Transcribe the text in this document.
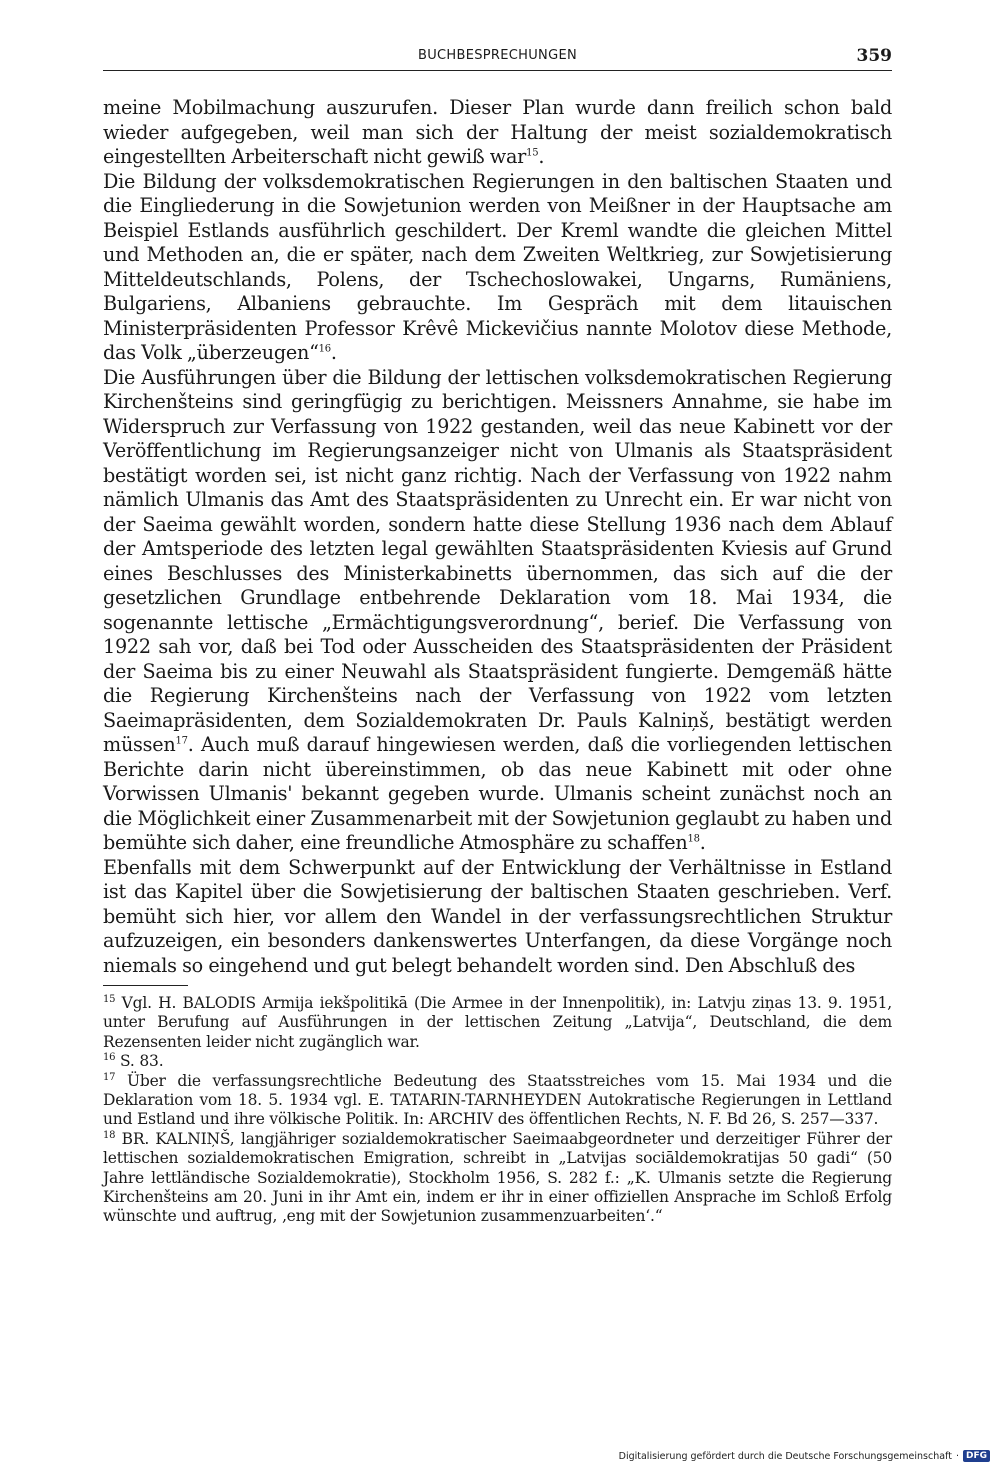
BUCHBESPRECHUNGEN	359

meine Mobilmachung auszurufen. Dieser Plan wurde dann freilich schon bald wieder aufgegeben, weil man sich der Haltung der meist sozialdemokratisch eingestellten Arbeiterschaft nicht gewiß war$^{15}$.

Die Bildung der volksdemokratischen Regierungen in den baltischen Staaten und die Eingliederung in die Sowjetunion werden von Meißner in der Hauptsache am Beispiel Estlands ausführlich geschildert. Der Kreml wandte die gleichen Mittel und Methoden an, die er später, nach dem Zweiten Weltkrieg, zur Sowjetisierung Mitteldeutschlands, Polens, der Tschechoslowakei, Ungarns, Rumäniens, Bulgariens, Albaniens gebrauchte. Im Gespräch mit dem litauischen Ministerpräsidenten Professor Krêvê Mickevičius nannte Molotov diese Methode, das Volk „überzeugen“$^{16}$.

Die Ausführungen über die Bildung der lettischen volksdemokratischen Regierung Kirchenšteins sind geringfügig zu berichtigen. Meissners Annahme, sie habe im Widerspruch zur Verfassung von 1922 gestanden, weil das neue Kabinett vor der Veröffentlichung im Regierungsanzeiger nicht von Ulmanis als Staatspräsident bestätigt worden sei, ist nicht ganz richtig. Nach der Verfassung von 1922 nahm nämlich Ulmanis das Amt des Staatspräsidenten zu Unrecht ein. Er war nicht von der Saeima gewählt worden, sondern hatte diese Stellung 1936 nach dem Ablauf der Amtsperiode des letzten legal gewählten Staatspräsidenten Kviesis auf Grund eines Beschlusses des Ministerkabinetts übernommen, das sich auf die der gesetzlichen Grundlage entbehrende Deklaration vom 18. Mai 1934, die sogenannte lettische „Ermächtigungsverordnung“, berief. Die Verfassung von 1922 sah vor, daß bei Tod oder Ausscheiden des Staatspräsidenten der Präsident der Saeima bis zu einer Neuwahl als Staatspräsident fungierte. Demgemäß hätte die Regierung Kirchenšteins nach der Verfassung von 1922 vom letzten Saeimapräsidenten, dem Sozialdemokraten Dr. Pauls Kalniņš, bestätigt werden müssen$^{17}$. Auch muß darauf hingewiesen werden, daß die vorliegenden lettischen Berichte darin nicht übereinstimmen, ob das neue Kabinett mit oder ohne Vorwissen Ulmanis' bekannt gegeben wurde. Ulmanis scheint zunächst noch an die Möglichkeit einer Zusammenarbeit mit der Sowjetunion geglaubt zu haben und bemühte sich daher, eine freundliche Atmosphäre zu schaffen$^{18}$.

Ebenfalls mit dem Schwerpunkt auf der Entwicklung der Verhältnisse in Estland ist das Kapitel über die Sowjetisierung der baltischen Staaten geschrieben. Verf. bemüht sich hier, vor allem den Wandel in der verfassungsrechtlichen Struktur aufzuzeigen, ein besonders dankenswertes Unterfangen, da diese Vorgänge noch niemals so eingehend und gut belegt behandelt worden sind. Den Abschluß des

$^{15}$ Vgl. H. BALODIS Armija iekšpolitikā (Die Armee in der Innenpolitik), in: Latvju ziņas 13. 9. 1951, unter Berufung auf Ausführungen in der lettischen Zeitung „Latvija“, Deutschland, die dem Rezensenten leider nicht zugänglich war.

$^{16}$ S. 83.

$^{17}$ Über die verfassungsrechtliche Bedeutung des Staatsstreiches vom 15. Mai 1934 und die Deklaration vom 18. 5. 1934 vgl. E. TATARIN-TARNHEYDEN Autokratische Regierungen in Lettland und Estland und ihre völkische Politik. In: ARCHIV des öffentlichen Rechts, N. F. Bd 26, S. 257—337.

$^{18}$ BR. KALNIŅŠ, langjähriger sozialdemokratischer Saeimaabgeordneter und derzeitiger Führer der lettischen sozialdemokratischen Emigration, schreibt in „Latvijas sociāldemokratijas 50 gadi“ (50 Jahre lettländische Sozialdemokratie), Stockholm 1956, S. 282 f.: „K. Ulmanis setzte die Regierung Kirchenšteins am 20. Juni in ihr Amt ein, indem er ihr in einer offiziellen Ansprache im Schloß Erfolg wünschte und auftrug, ‚eng mit der Sowjetunion zusammenzuarbeiten‘.“

Digitalisierung gefördert durch die Deutsche Forschungsgemeinschaft · DFG
